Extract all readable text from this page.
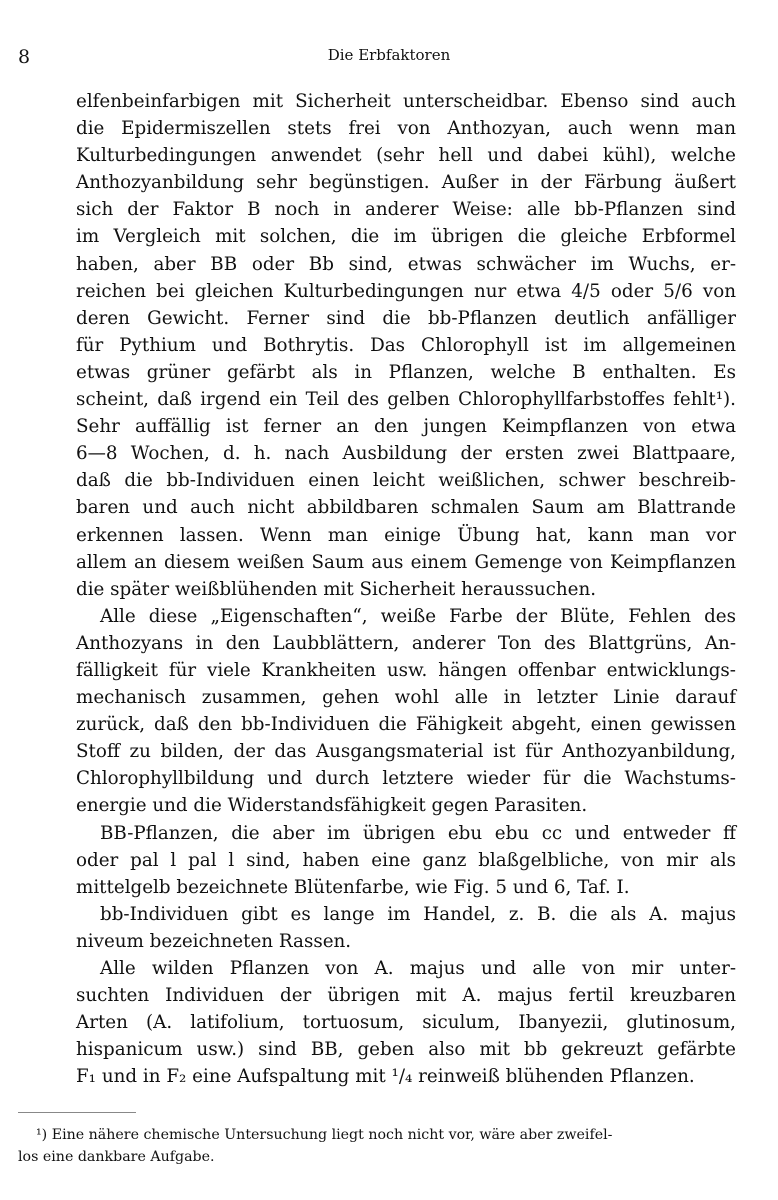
8	Die Erbfaktoren
elfenbeinfarbigen mit Sicherheit unterscheidbar. Ebenso sind auch
die Epidermiszellen stets frei von Anthozyan, auch wenn man
Kulturbedingungen anwendet (sehr hell und dabei kühl), welche
Anthozyanbildung sehr begünstigen. Außer in der Färbung äußert
sich der Faktor B noch in anderer Weise: alle bb-Pflanzen sind
im Vergleich mit solchen, die im übrigen die gleiche Erbformel
haben, aber BB oder Bb sind, etwas schwächer im Wuchs, er-
reichen bei gleichen Kulturbedingungen nur etwa 4/5 oder 5/6 von
deren Gewicht. Ferner sind die bb-Pflanzen deutlich anfälliger
für Pythium und Bothrytis. Das Chlorophyll ist im allgemeinen
etwas grüner gefärbt als in Pflanzen, welche B enthalten. Es
scheint, daß irgend ein Teil des gelben Chlorophyllfarbstoffes fehlt¹).
Sehr auffällig ist ferner an den jungen Keimpflanzen von etwa
6—8 Wochen, d. h. nach Ausbildung der ersten zwei Blattpaare,
daß die bb-Individuen einen leicht weißlichen, schwer beschreib-
baren und auch nicht abbildbaren schmalen Saum am Blattrande
erkennen lassen. Wenn man einige Übung hat, kann man vor
allem an diesem weißen Saum aus einem Gemenge von Keimpflanzen
die später weißblühenden mit Sicherheit heraussuchen.
Alle diese „Eigenschaften“, weiße Farbe der Blüte, Fehlen des
Anthozyans in den Laubblättern, anderer Ton des Blattgrüns, An-
fälligkeit für viele Krankheiten usw. hängen offenbar entwicklungs-
mechanisch zusammen, gehen wohl alle in letzter Linie darauf
zurück, daß den bb-Individuen die Fähigkeit abgeht, einen gewissen
Stoff zu bilden, der das Ausgangsmaterial ist für Anthozyanbildung,
Chlorophyllbildung und durch letztere wieder für die Wachstums-
energie und die Widerstandsfähigkeit gegen Parasiten.
BB-Pflanzen, die aber im übrigen ebu ebu cc und entweder ff
oder pal l pal l sind, haben eine ganz blaßgelbliche, von mir als
mittelgelb bezeichnete Blütenfarbe, wie Fig. 5 und 6, Taf. I.
bb-Individuen gibt es lange im Handel, z. B. die als A. majus
niveum bezeichneten Rassen.
Alle wilden Pflanzen von A. majus und alle von mir unter-
suchten Individuen der übrigen mit A. majus fertil kreuzbaren
Arten (A. latifolium, tortuosum, siculum, Ibanyezii, glutinosum,
hispanicum usw.) sind BB, geben also mit bb gekreuzt gefärbte
F₁ und in F₂ eine Aufspaltung mit ¹/₄ reinweiß blühenden Pflanzen.
¹) Eine nähere chemische Untersuchung liegt noch nicht vor, wäre aber zweifel-
los eine dankbare Aufgabe.
